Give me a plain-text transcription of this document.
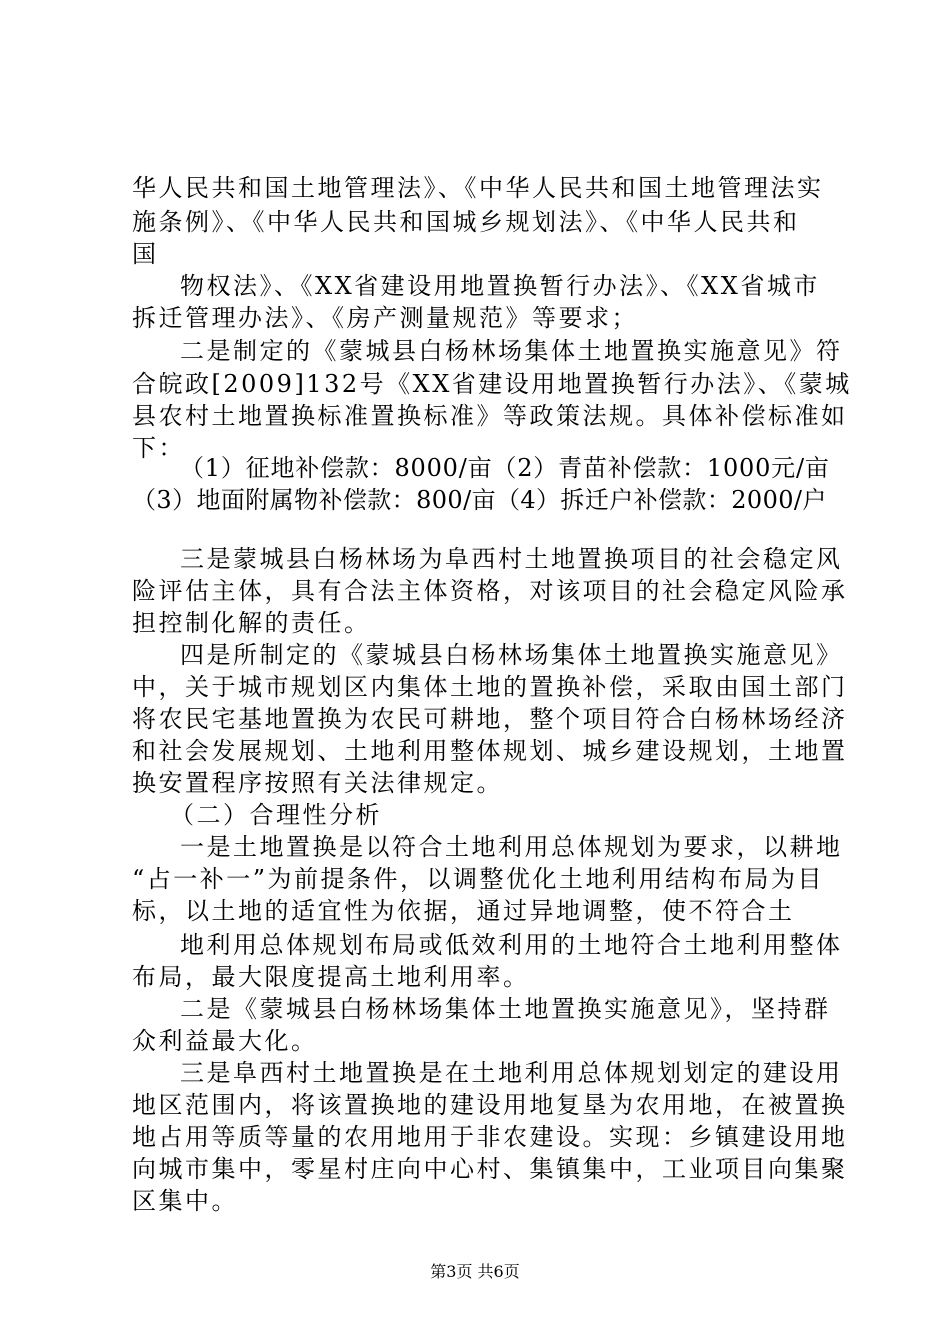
华人民共和国土地管理法》、《中华人民共和国土地管理法实
施条例》、《中华人民共和国城乡规划法》、《中华人民共和
国
物权法》、《XX省建设用地置换暂行办法》、《XX省城市
拆迁管理办法》、《房产测量规范》等要求；
二是制定的《蒙城县白杨林场集体土地置换实施意见》符
合皖政[2009]132号《XX省建设用地置换暂行办法》、《蒙城
县农村土地置换标准置换标准》等政策法规。具体补偿标准如
下：
（1）征地补偿款：8000/亩（2）青苗补偿款：1000元/亩
（3）地面附属物补偿款：800/亩（4）拆迁户补偿款：2000/户
三是蒙城县白杨林场为阜西村土地置换项目的社会稳定风
险评估主体，具有合法主体资格，对该项目的社会稳定风险承
担控制化解的责任。
四是所制定的《蒙城县白杨林场集体土地置换实施意见》
中，关于城市规划区内集体土地的置换补偿，采取由国土部门
将农民宅基地置换为农民可耕地，整个项目符合白杨林场经济
和社会发展规划、土地利用整体规划、城乡建设规划，土地置
换安置程序按照有关法律规定。
（二）合理性分析
一是土地置换是以符合土地利用总体规划为要求，以耕地
“占一补一”为前提条件，以调整优化土地利用结构布局为目
标，以土地的适宜性为依据，通过异地调整，使不符合土
地利用总体规划布局或低效利用的土地符合土地利用整体
布局，最大限度提高土地利用率。
二是《蒙城县白杨林场集体土地置换实施意见》，坚持群
众利益最大化。
三是阜西村土地置换是在土地利用总体规划划定的建设用
地区范围内，将该置换地的建设用地复垦为农用地，在被置换
地占用等质等量的农用地用于非农建设。实现：乡镇建设用地
向城市集中，零星村庄向中心村、集镇集中，工业项目向集聚
区集中。
第3页 共6页
